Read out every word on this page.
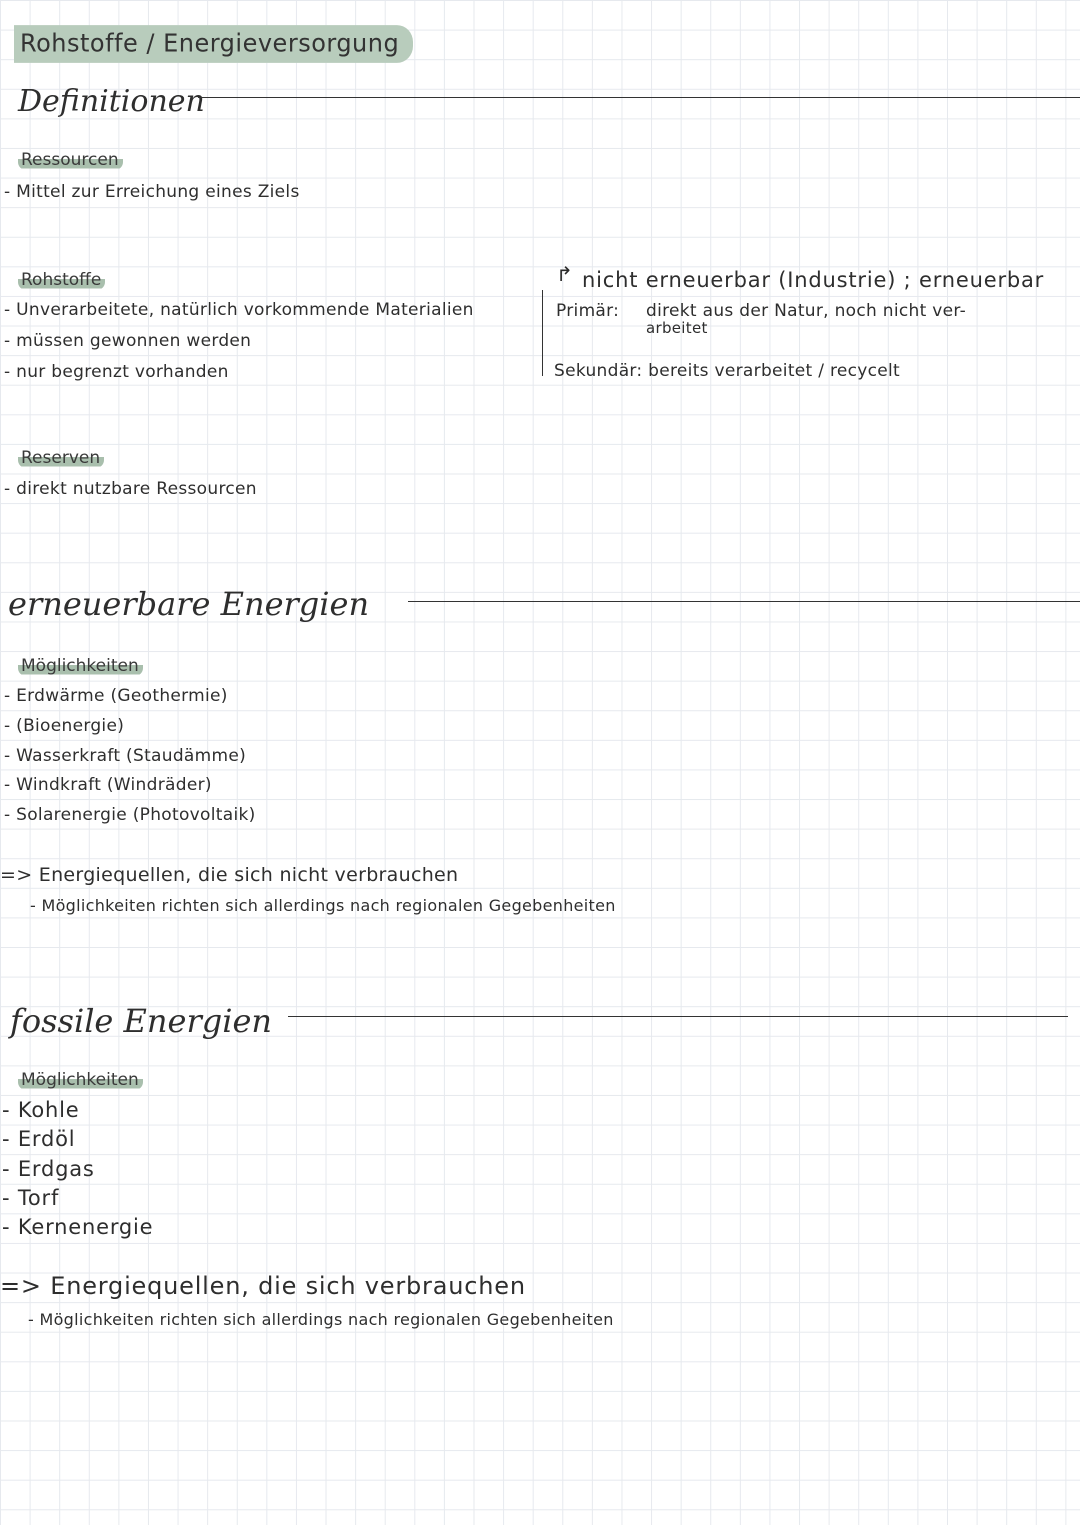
Rohstoffe / Energieversorgung
Definitionen
Ressourcen
- Mittel zur Erreichung eines Ziels
Rohstoffe
- Unverarbeitete, natürlich vorkommende Materialien
- müssen gewonnen werden
- nur begrenzt vorhanden
↱ nicht erneuerbar (Industrie) ; erneuerbar
Primär: direkt aus der Natur, noch nicht ver-
arbeitet
Sekundär: bereits verarbeitet / recycelt
Reserven
- direkt nutzbare Ressourcen
erneuerbare Energien
Möglichkeiten
- Erdwärme (Geothermie)
- (Bioenergie)
- Wasserkraft (Staudämme)
- Windkraft (Windräder)
- Solarenergie (Photovoltaik)
=> Energiequellen, die sich nicht verbrauchen
- Möglichkeiten richten sich allerdings nach regionalen Gegebenheiten
fossile Energien
Möglichkeiten
- Kohle
- Erdöl
- Erdgas
- Torf
- Kernenergie
=> Energiequellen, die sich verbrauchen
- Möglichkeiten richten sich allerdings nach regionalen Gegebenheiten
